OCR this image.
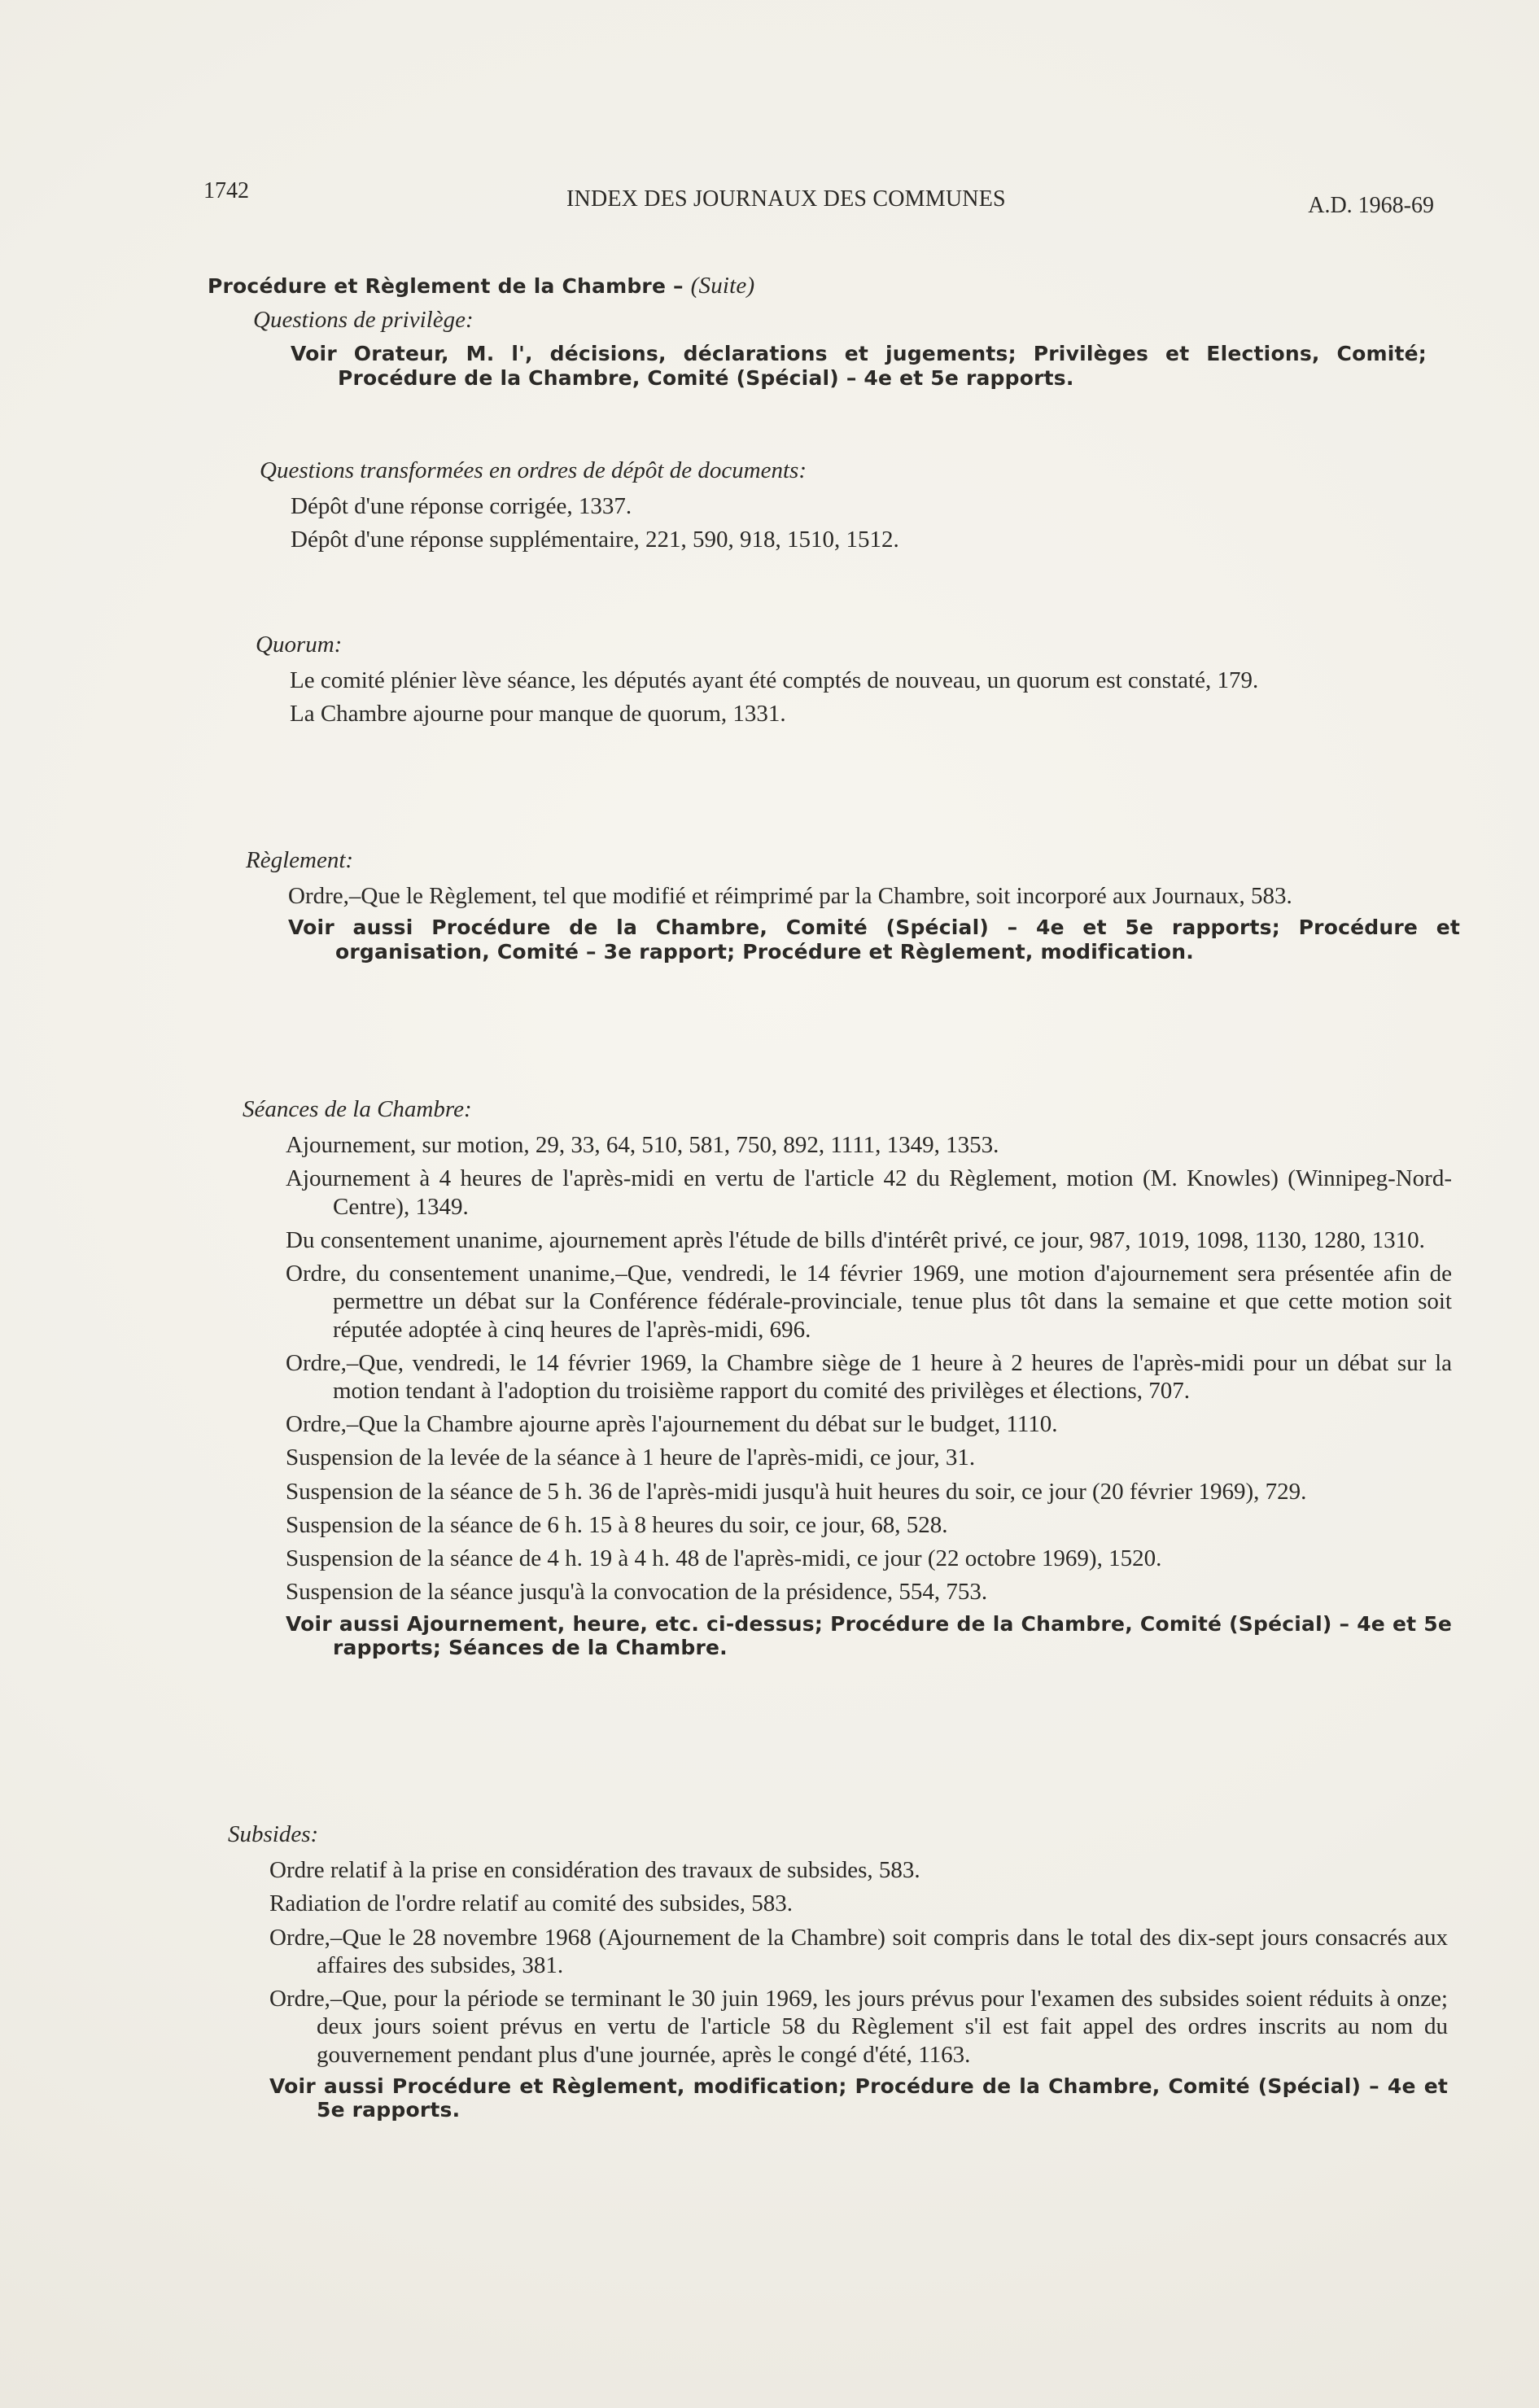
1742	INDEX DES JOURNAUX DES COMMUNES	A.D. 1968-69
Procédure et Règlement de la Chambre – (Suite)
Questions de privilège:
Voir Orateur, M. l', décisions, déclarations et jugements; Privilèges et Elections, Comité; Procédure de la Chambre, Comité (Spécial) – 4e et 5e rapports.
Questions transformées en ordres de dépôt de documents:
Dépôt d'une réponse corrigée, 1337.
Dépôt d'une réponse supplémentaire, 221, 590, 918, 1510, 1512.
Quorum:
Le comité plénier lève séance, les députés ayant été comptés de nouveau, un quorum est constaté, 179.
La Chambre ajourne pour manque de quorum, 1331.
Règlement:
Ordre,–Que le Règlement, tel que modifié et réimprimé par la Chambre, soit incorporé aux Journaux, 583.
Voir aussi Procédure de la Chambre, Comité (Spécial) – 4e et 5e rapports; Procédure et organisation, Comité – 3e rapport; Procédure et Règlement, modification.
Séances de la Chambre:
Ajournement, sur motion, 29, 33, 64, 510, 581, 750, 892, 1111, 1349, 1353.
Ajournement à 4 heures de l'après-midi en vertu de l'article 42 du Règlement, motion (M. Knowles) (Winnipeg-Nord-Centre), 1349.
Du consentement unanime, ajournement après l'étude de bills d'intérêt privé, ce jour, 987, 1019, 1098, 1130, 1280, 1310.
Ordre, du consentement unanime,–Que, vendredi, le 14 février 1969, une motion d'ajournement sera présentée afin de permettre un débat sur la Conférence fédérale-provinciale, tenue plus tôt dans la semaine et que cette motion soit réputée adoptée à cinq heures de l'après-midi, 696.
Ordre,–Que, vendredi, le 14 février 1969, la Chambre siège de 1 heure à 2 heures de l'après-midi pour un débat sur la motion tendant à l'adoption du troisième rapport du comité des privilèges et élections, 707.
Ordre,–Que la Chambre ajourne après l'ajournement du débat sur le budget, 1110.
Suspension de la levée de la séance à 1 heure de l'après-midi, ce jour, 31.
Suspension de la séance de 5 h. 36 de l'après-midi jusqu'à huit heures du soir, ce jour (20 février 1969), 729.
Suspension de la séance de 6 h. 15 à 8 heures du soir, ce jour, 68, 528.
Suspension de la séance de 4 h. 19 à 4 h. 48 de l'après-midi, ce jour (22 octobre 1969), 1520.
Suspension de la séance jusqu'à la convocation de la présidence, 554, 753.
Voir aussi Ajournement, heure, etc. ci-dessus; Procédure de la Chambre, Comité (Spécial) – 4e et 5e rapports; Séances de la Chambre.
Subsides:
Ordre relatif à la prise en considération des travaux de subsides, 583.
Radiation de l'ordre relatif au comité des subsides, 583.
Ordre,–Que le 28 novembre 1968 (Ajournement de la Chambre) soit compris dans le total des dix-sept jours consacrés aux affaires des subsides, 381.
Ordre,–Que, pour la période se terminant le 30 juin 1969, les jours prévus pour l'examen des subsides soient réduits à onze; deux jours soient prévus en vertu de l'article 58 du Règlement s'il est fait appel des ordres inscrits au nom du gouvernement pendant plus d'une journée, après le congé d'été, 1163.
Voir aussi Procédure et Règlement, modification; Procédure de la Chambre, Comité (Spécial) – 4e et 5e rapports.
